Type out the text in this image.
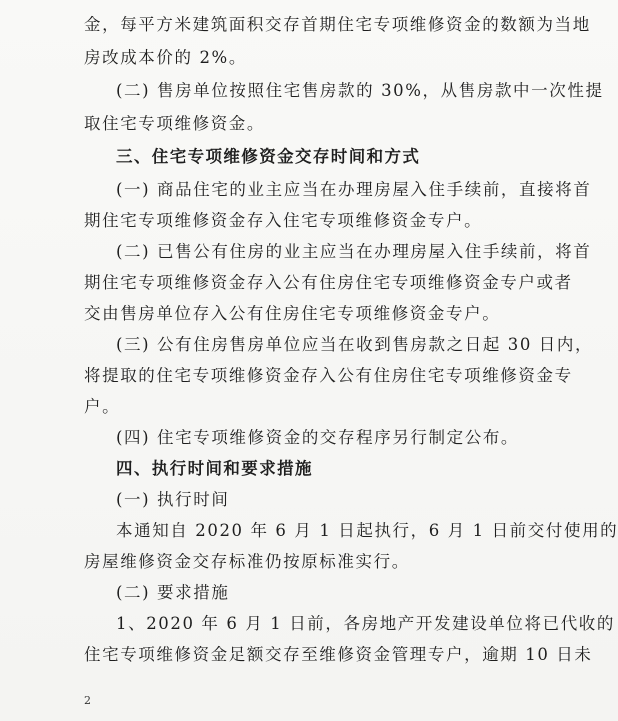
金，每平方米建筑面积交存首期住宅专项维修资金的数额为当地
房改成本价的 2%。
(二) 售房单位按照住宅售房款的 30%，从售房款中一次性提
取住宅专项维修资金。
三、住宅专项维修资金交存时间和方式
(一) 商品住宅的业主应当在办理房屋入住手续前，直接将首
期住宅专项维修资金存入住宅专项维修资金专户。
(二) 已售公有住房的业主应当在办理房屋入住手续前，将首
期住宅专项维修资金存入公有住房住宅专项维修资金专户或者
交由售房单位存入公有住房住宅专项维修资金专户。
(三) 公有住房售房单位应当在收到售房款之日起 30 日内，
将提取的住宅专项维修资金存入公有住房住宅专项维修资金专
户。
(四) 住宅专项维修资金的交存程序另行制定公布。
四、执行时间和要求措施
(一) 执行时间
本通知自 2020 年 6 月 1 日起执行，6 月 1 日前交付使用的
房屋维修资金交存标准仍按原标准实行。
(二) 要求措施
1、2020 年 6 月 1 日前，各房地产开发建设单位将已代收的
住宅专项维修资金足额交存至维修资金管理专户，逾期 10 日未
2
